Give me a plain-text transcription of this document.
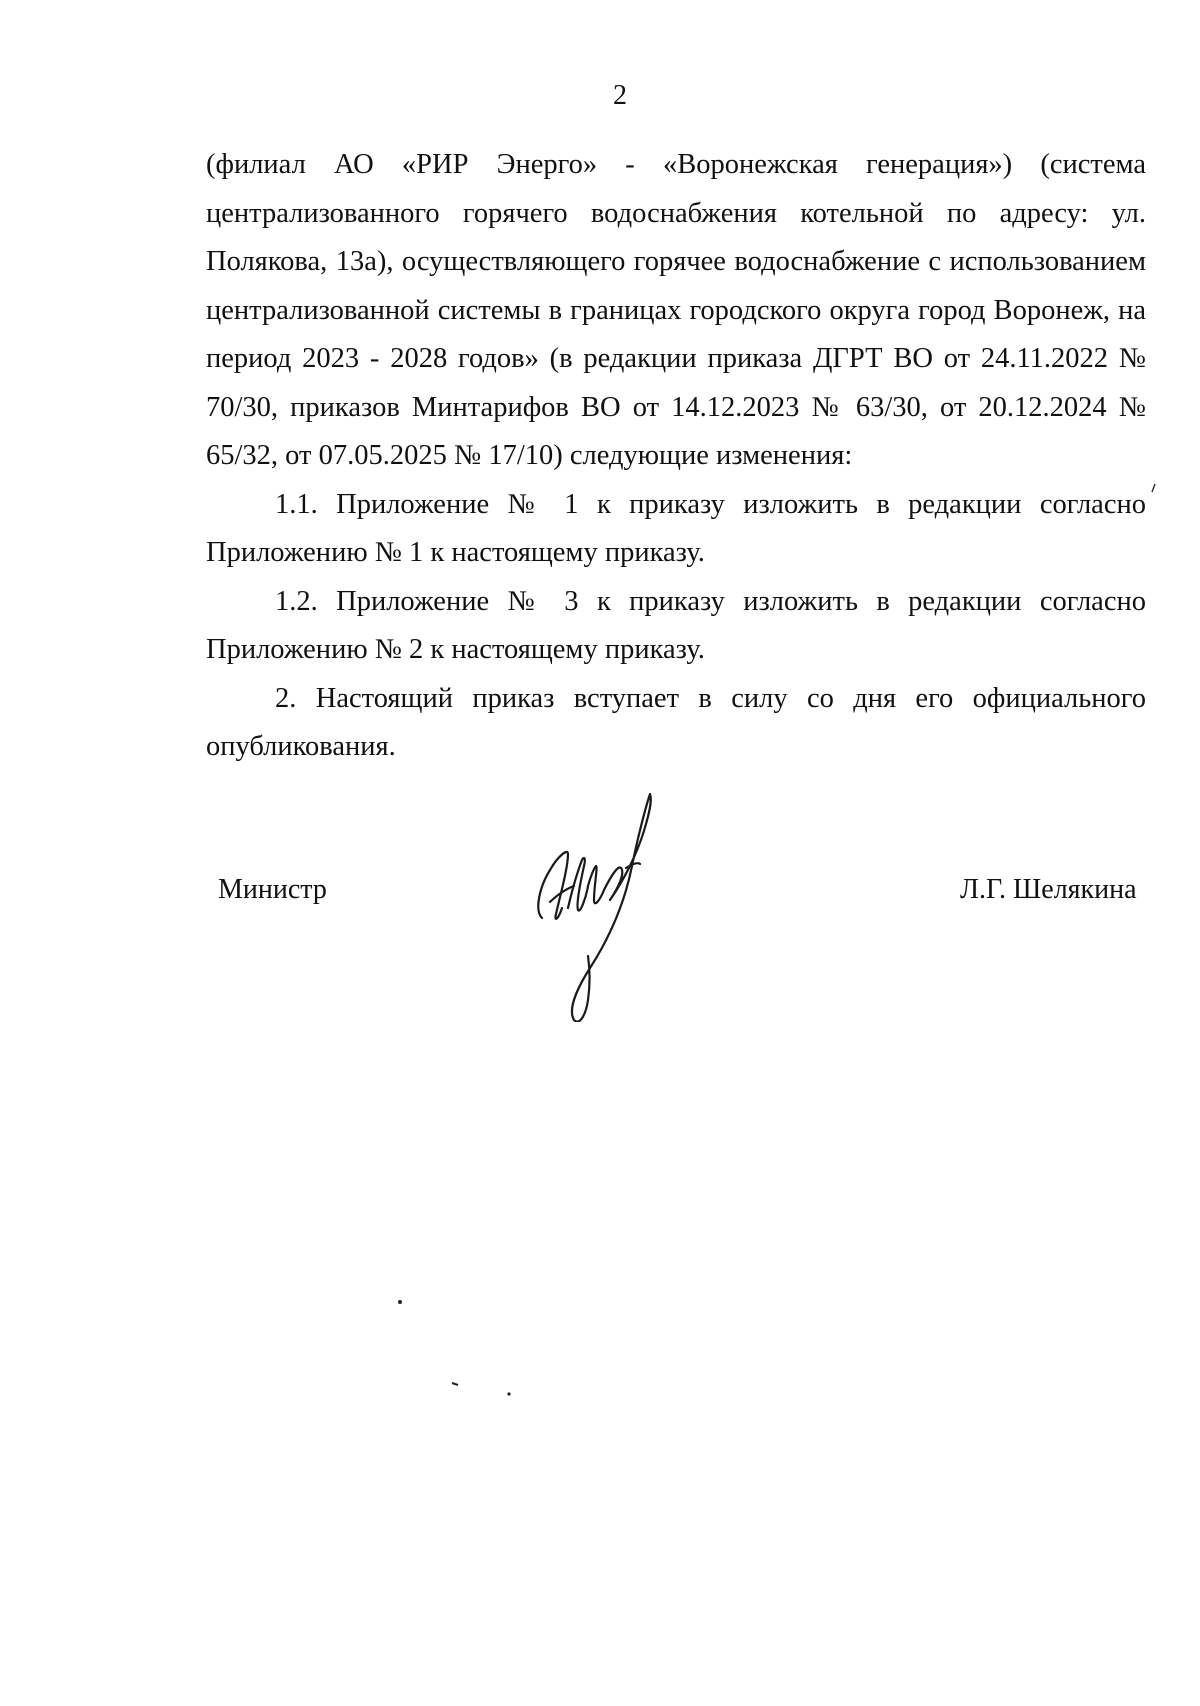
2

(филиал АО «РИР Энерго» - «Воронежская генерация») (система централизованного горячего водоснабжения котельной по адресу: ул. Полякова, 13а), осуществляющего горячее водоснабжение с использованием централизованной системы в границах городского округа город Воронеж, на период 2023 - 2028 годов» (в редакции приказа ДГРТ ВО от 24.11.2022 № 70/30, приказов Минтарифов ВО от 14.12.2023 № 63/30, от 20.12.2024 № 65/32, от 07.05.2025 № 17/10) следующие изменения:

1.1. Приложение № 1 к приказу изложить в редакции согласно Приложению № 1 к настоящему приказу.

1.2. Приложение № 3 к приказу изложить в редакции согласно Приложению № 2 к настоящему приказу.

2. Настоящий приказ вступает в силу со дня его официального опубликования.

Министр	Л.Г. Шелякина
